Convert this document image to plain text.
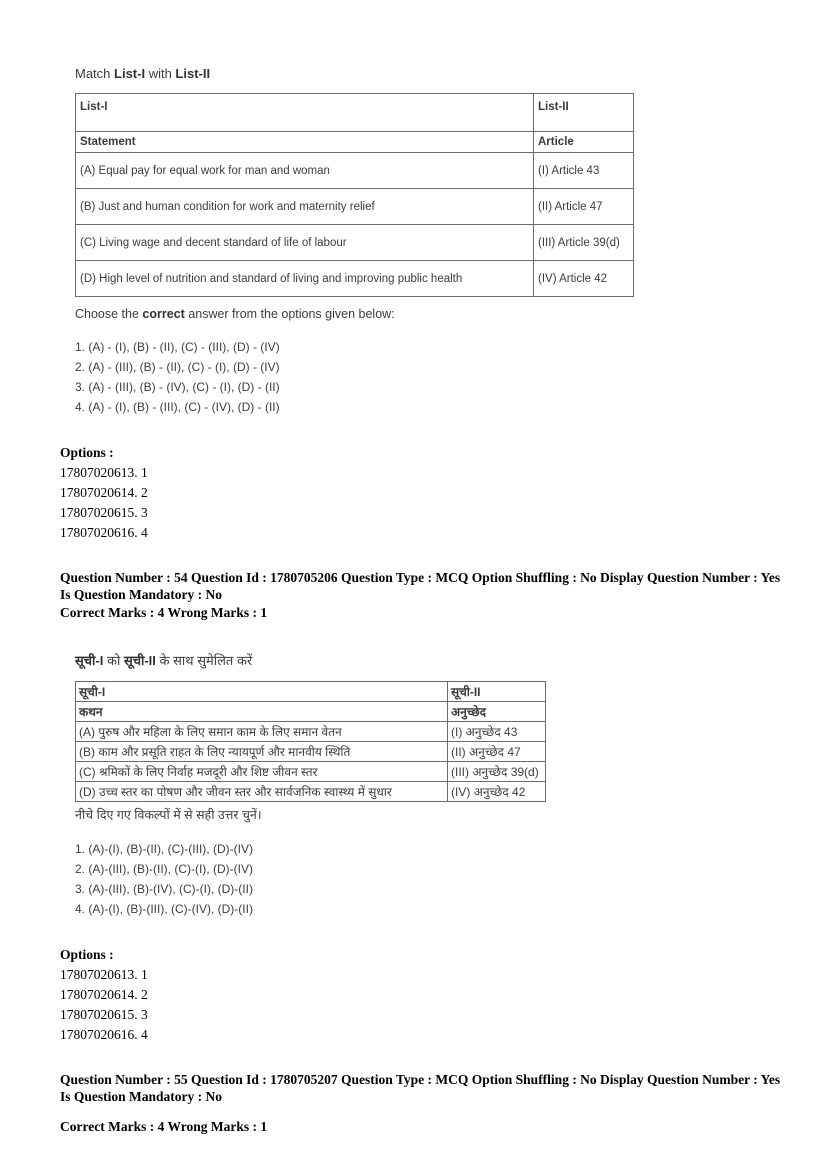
Match List-I with List-II

List-I	List-II
Statement	Article
(A) Equal pay for equal work for man and woman	(I) Article 43
(B) Just and human condition for work and maternity relief	(II) Article 47
(C) Living wage and decent standard of life of labour	(III) Article 39(d)
(D) High level of nutrition and standard of living and improving public health	(IV) Article 42

Choose the correct answer from the options given below:

1. (A) - (I), (B) - (II), (C) - (III), (D) - (IV)
2. (A) - (III), (B) - (II), (C) - (I), (D) - (IV)
3. (A) - (III), (B) - (IV), (C) - (I), (D) - (II)
4. (A) - (I), (B) - (III), (C) - (IV), (D) - (II)
Options :
17807020613. 1
17807020614. 2
17807020615. 3
17807020616. 4
Question Number : 54 Question Id : 1780705206 Question Type : MCQ Option Shuffling : No Display Question Number : Yes
Is Question Mandatory : No
Correct Marks : 4 Wrong Marks : 1

सूची-I को सूची-II के साथ सुमेलित करें

सूची-I	सूची-II
कथन	अनुच्छेद
(A) पुरुष और महिला के लिए समान काम के लिए समान वेतन	(I) अनुच्छेद 43
(B) काम और प्रसूति राहत के लिए न्यायपूर्ण और मानवीय स्थिति	(II) अनुच्छेद 47
(C) श्रमिकों के लिए निर्वाह मजदूरी और शिष्ट जीवन स्तर	(III) अनुच्छेद 39(d)
(D) उच्च स्तर का पोषण और जीवन स्तर और सार्वजनिक स्वास्थ्य में सुधार	(IV) अनुच्छेद 42

नीचे दिए गए विकल्पों में से सही उत्तर चुनें।

1. (A)-(I), (B)-(II), (C)-(III), (D)-(IV)
2. (A)-(III), (B)-(II), (C)-(I), (D)-(IV)
3. (A)-(III), (B)-(IV), (C)-(I), (D)-(II)
4. (A)-(I), (B)-(III), (C)-(IV), (D)-(II)
Options :
17807020613. 1
17807020614. 2
17807020615. 3
17807020616. 4
Question Number : 55 Question Id : 1780705207 Question Type : MCQ Option Shuffling : No Display Question Number : Yes
Is Question Mandatory : No
Correct Marks : 4 Wrong Marks : 1
